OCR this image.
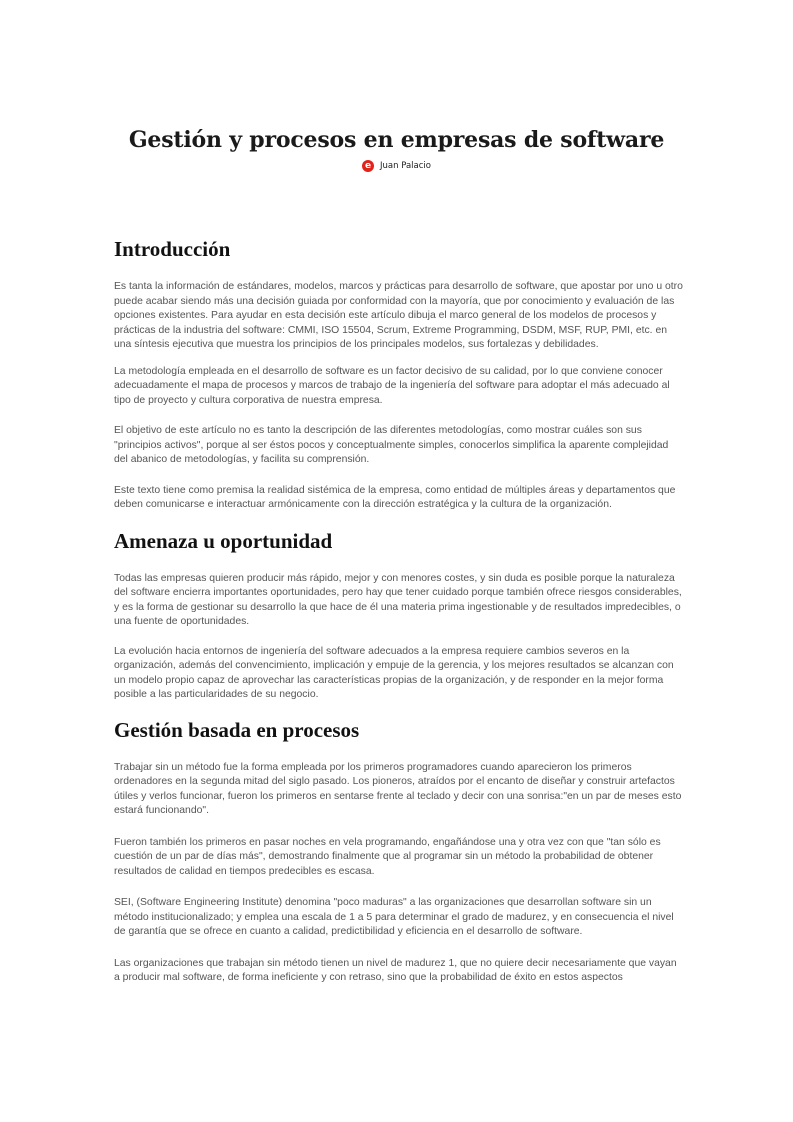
Gestión y procesos en empresas de software
e	Juan Palacio
Introducción

Es tanta la información de estándares, modelos, marcos y prácticas para desarrollo de software, que apostar por uno u otro puede acabar siendo más una decisión guiada por conformidad con la mayoría, que por conocimiento y evaluación de las opciones existentes. Para ayudar en esta decisión este artículo dibuja el marco general de los modelos de procesos y prácticas de la industria del software: CMMI, ISO 15504, Scrum, Extreme Programming, DSDM, MSF, RUP, PMI, etc. en una síntesis ejecutiva que muestra los principios de los principales modelos, sus fortalezas y debilidades.

La metodología empleada en el desarrollo de software es un factor decisivo de su calidad, por lo que conviene conocer adecuadamente el mapa de procesos y marcos de trabajo de la ingeniería del software para adoptar el más adecuado al tipo de proyecto y cultura corporativa de nuestra empresa.

El objetivo de este artículo no es tanto la descripción de las diferentes metodologías, como mostrar cuáles son sus "principios activos", porque al ser éstos pocos y conceptualmente simples, conocerlos simplifica la aparente complejidad del abanico de metodologías, y facilita su comprensión.

Este texto tiene como premisa la realidad sistémica de la empresa, como entidad de múltiples áreas y departamentos que deben comunicarse e interactuar armónicamente con la dirección estratégica y la cultura de la organización.

Amenaza u oportunidad

Todas las empresas quieren producir más rápido, mejor y con menores costes, y sin duda es posible porque la naturaleza del software encierra importantes oportunidades, pero hay que tener cuidado porque también ofrece riesgos considerables, y es la forma de gestionar su desarrollo la que hace de él una materia prima ingestionable y de resultados impredecibles, o una fuente de oportunidades.

La evolución hacia entornos de ingeniería del software adecuados a la empresa requiere cambios severos en la organización, además del convencimiento, implicación y empuje de la gerencia, y los mejores resultados se alcanzan con un modelo propio capaz de aprovechar las características propias de la organización, y de responder en la mejor forma posible a las particularidades de su negocio.

Gestión basada en procesos

Trabajar sin un método fue la forma empleada por los primeros programadores cuando aparecieron los primeros ordenadores en la segunda mitad del siglo pasado. Los pioneros, atraídos por el encanto de diseñar y construir artefactos útiles y verlos funcionar, fueron los primeros en sentarse frente al teclado y decir con una sonrisa:"en un par de meses esto estará funcionando".

Fueron también los primeros en pasar noches en vela programando, engañándose una y otra vez con que "tan sólo es cuestión de un par de días más", demostrando finalmente que al programar sin un método la probabilidad de obtener resultados de calidad en tiempos predecibles es escasa.

SEI, (Software Engineering Institute) denomina "poco maduras" a las organizaciones que desarrollan software sin un método institucionalizado; y emplea una escala de 1 a 5 para determinar el grado de madurez, y en consecuencia el nivel de garantía que se ofrece en cuanto a calidad, predictibilidad y eficiencia en el desarrollo de software.

Las organizaciones que trabajan sin método tienen un nivel de madurez 1, que no quiere decir necesariamente que vayan a producir mal software, de forma ineficiente y con retraso, sino que la probabilidad de éxito en estos aspectos
